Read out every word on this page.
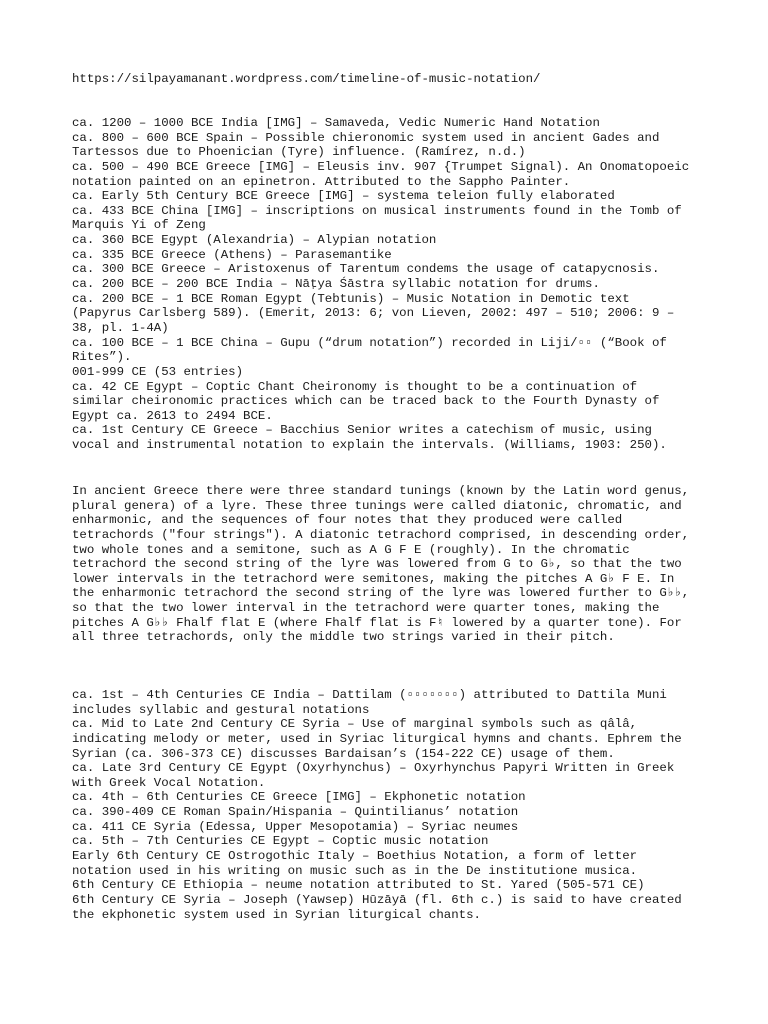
https://silpayamanant.wordpress.com/timeline-of-music-notation/
ca. 1200 – 1000 BCE India [IMG] – Samaveda, Vedic Numeric Hand Notation
ca. 800 – 600 BCE Spain – Possible chieronomic system used in ancient Gades and
Tartessos due to Phoenician (Tyre) influence. (Ramírez, n.d.)
ca. 500 – 490 BCE Greece [IMG] – Eleusis inv. 907 {Trumpet Signal). An Onomatopoeic
notation painted on an epinetron. Attributed to the Sappho Painter.
ca. Early 5th Century BCE Greece [IMG] – systema teleion fully elaborated
ca. 433 BCE China [IMG] – inscriptions on musical instruments found in the Tomb of
Marquis Yi of Zeng
ca. 360 BCE Egypt (Alexandria) – Alypian notation
ca. 335 BCE Greece (Athens) – Parasemantike
ca. 300 BCE Greece – Aristoxenus of Tarentum condems the usage of catapycnosis.
ca. 200 BCE – 200 BCE India – Nāṭya Śāstra syllabic notation for drums.
ca. 200 BCE – 1 BCE Roman Egypt (Tebtunis) – Music Notation in Demotic text
(Papyrus Carlsberg 589). (Emerit, 2013: 6; von Lieven, 2002: 497 – 510; 2006: 9 –
38, pl. 1-4A)
ca. 100 BCE – 1 BCE China – Gupu (“drum notation”) recorded in Liji/▫▫ (“Book of
Rites”).
001-999 CE (53 entries)
ca. 42 CE Egypt – Coptic Chant Cheironomy is thought to be a continuation of
similar cheironomic practices which can be traced back to the Fourth Dynasty of
Egypt ca. 2613 to 2494 BCE.
ca. 1st Century CE Greece – Bacchius Senior writes a catechism of music, using
vocal and instrumental notation to explain the intervals. (Williams, 1903: 250).
In ancient Greece there were three standard tunings (known by the Latin word genus,
plural genera) of a lyre. These three tunings were called diatonic, chromatic, and
enharmonic, and the sequences of four notes that they produced were called
tetrachords ("four strings"). A diatonic tetrachord comprised, in descending order,
two whole tones and a semitone, such as A G F E (roughly). In the chromatic
tetrachord the second string of the lyre was lowered from G to G♭, so that the two
lower intervals in the tetrachord were semitones, making the pitches A G♭ F E. In
the enharmonic tetrachord the second string of the lyre was lowered further to G♭♭,
so that the two lower interval in the tetrachord were quarter tones, making the
pitches A G♭♭ Fhalf flat E (where Fhalf flat is F♮ lowered by a quarter tone). For
all three tetrachords, only the middle two strings varied in their pitch.
ca. 1st – 4th Centuries CE India – Dattilam (▫▫▫▫▫▫▫) attributed to Dattila Muni
includes syllabic and gestural notations
ca. Mid to Late 2nd Century CE Syria – Use of marginal symbols such as qâlâ,
indicating melody or meter, used in Syriac liturgical hymns and chants. Ephrem the
Syrian (ca. 306-373 CE) discusses Bardaisan’s (154-222 CE) usage of them.
ca. Late 3rd Century CE Egypt (Oxyrhynchus) – Oxyrhynchus Papyri Written in Greek
with Greek Vocal Notation.
ca. 4th – 6th Centuries CE Greece [IMG] – Ekphonetic notation
ca. 390-409 CE Roman Spain/Hispania – Quintilianus’ notation
ca. 411 CE Syria (Edessa, Upper Mesopotamia) – Syriac neumes
ca. 5th – 7th Centuries CE Egypt – Coptic music notation
Early 6th Century CE Ostrogothic Italy – Boethius Notation, a form of letter
notation used in his writing on music such as in the De institutione musica.
6th Century CE Ethiopia – neume notation attributed to St. Yared (505-571 CE)
6th Century CE Syria – Joseph (Yawsep) Hūzāyā (fl. 6th c.) is said to have created
the ekphonetic system used in Syrian liturgical chants.
